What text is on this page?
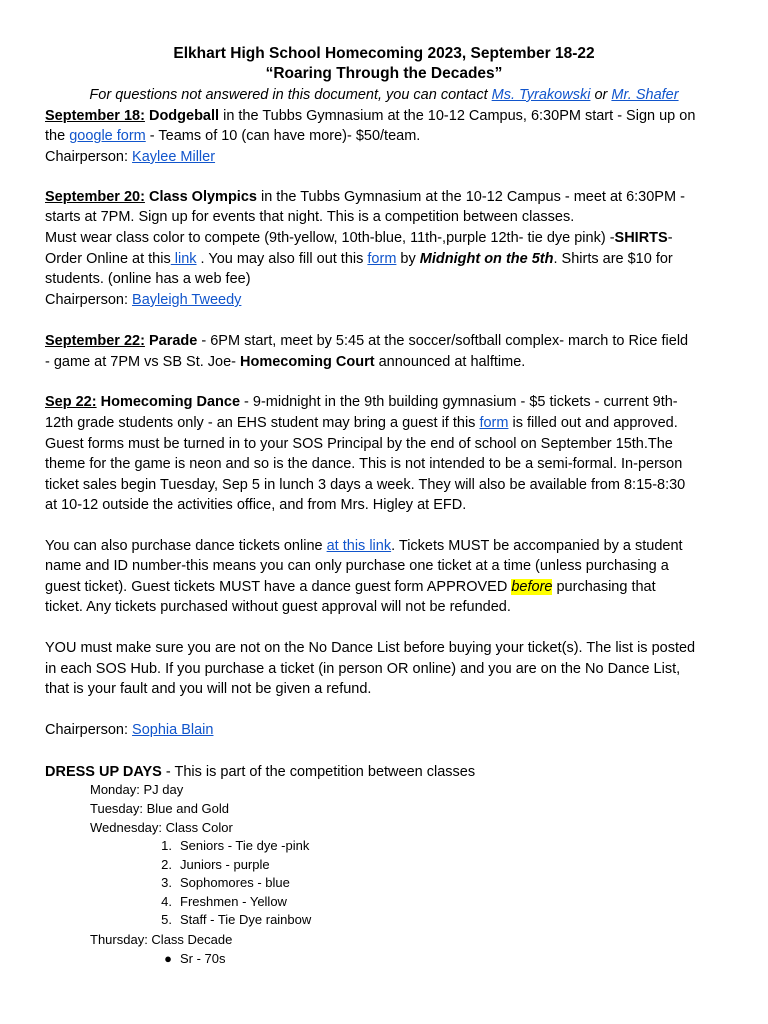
Elkhart High School Homecoming 2023, September 18-22
“Roaring Through the Decades”
For questions not answered in this document, you can contact Ms. Tyrakowski or Mr. Shafer
September 18: Dodgeball in the Tubbs Gymnasium at the 10-12 Campus, 6:30PM start - Sign up on
the google form - Teams of 10 (can have more)- $50/team.
Chairperson: Kaylee Miller
September 20: Class Olympics in the Tubbs Gymnasium at the 10-12 Campus - meet at 6:30PM -
starts at 7PM. Sign up for events that night. This is a competition between classes.
Must wear class color to compete (9th-yellow, 10th-blue, 11th-,purple 12th- tie dye pink) -SHIRTS-
Order Online at this link . You may also fill out this form by Midnight on the 5th. Shirts are $10 for
students. (online has a web fee)
Chairperson: Bayleigh Tweedy
September 22: Parade - 6PM start, meet by 5:45 at the soccer/softball complex- march to Rice field
- game at 7PM vs SB St. Joe- Homecoming Court announced at halftime.
Sep 22: Homecoming Dance - 9-midnight in the 9th building gymnasium - $5 tickets - current 9th-
12th grade students only - an EHS student may bring a guest if this form is filled out and approved.
Guest forms must be turned in to your SOS Principal by the end of school on September 15th.The
theme for the game is neon and so is the dance. This is not intended to be a semi-formal. In-person
ticket sales begin Tuesday, Sep 5 in lunch 3 days a week. They will also be available from 8:15-8:30
at 10-12 outside the activities office, and from Mrs. Higley at EFD.
You can also purchase dance tickets online at this link. Tickets MUST be accompanied by a student
name and ID number-this means you can only purchase one ticket at a time (unless purchasing a
guest ticket). Guest tickets MUST have a dance guest form APPROVED before purchasing that
ticket. Any tickets purchased without guest approval will not be refunded.
YOU must make sure you are not on the No Dance List before buying your ticket(s). The list is posted
in each SOS Hub. If you purchase a ticket (in person OR online) and you are on the No Dance List,
that is your fault and you will not be given a refund.
Chairperson: Sophia Blain
DRESS UP DAYS - This is part of the competition between classes
Monday: PJ day
Tuesday: Blue and Gold
Wednesday: Class Color
1. Seniors - Tie dye -pink
2. Juniors - purple
3. Sophomores - blue
4. Freshmen - Yellow
5. Staff - Tie Dye rainbow
Thursday: Class Decade
● Sr - 70s
